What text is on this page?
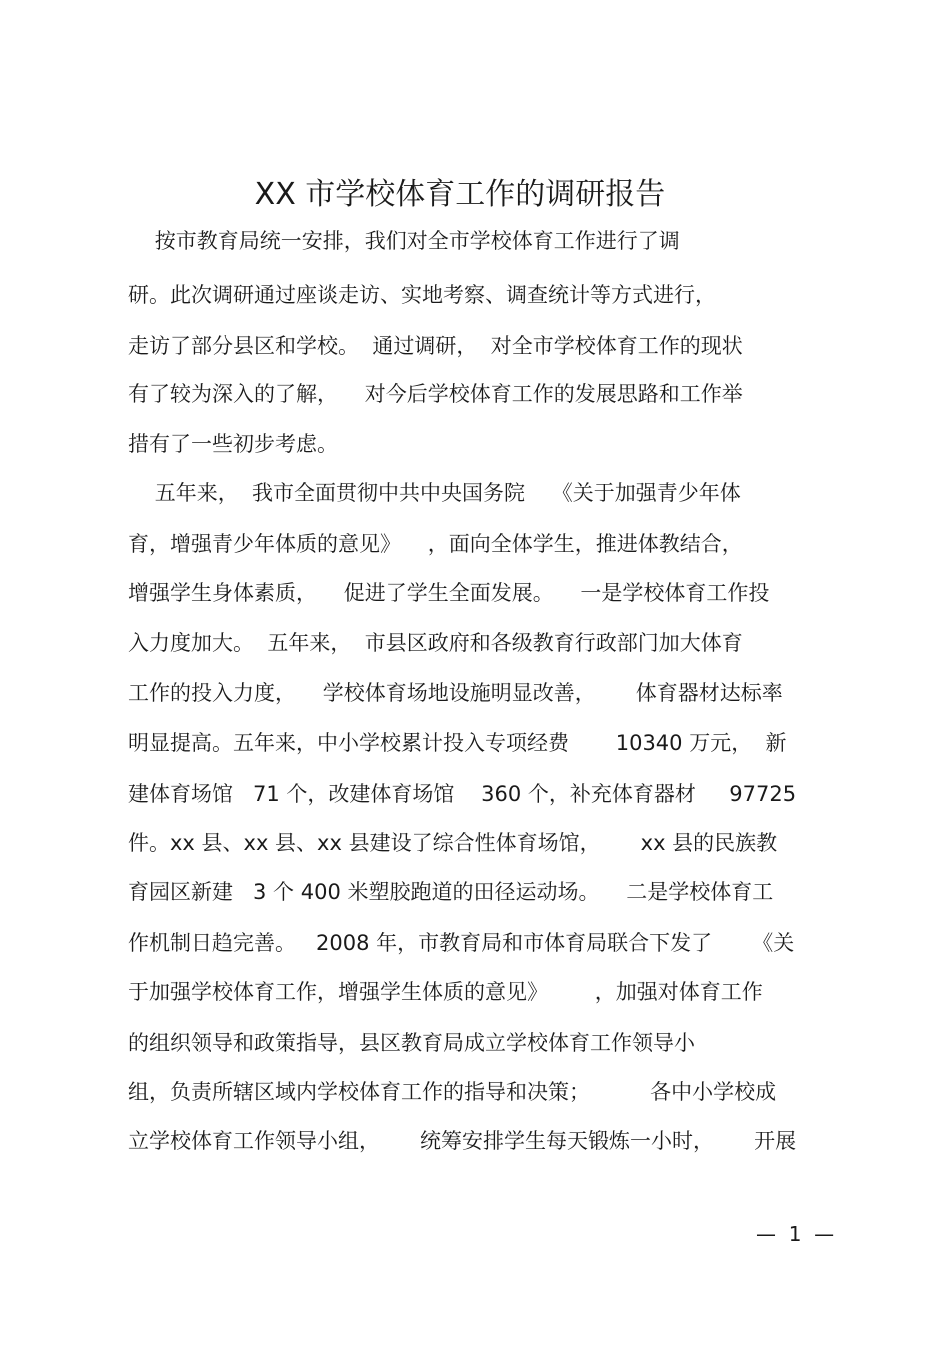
XX 市学校体育工作的调研报告
按市教育局统一安排，我们对全市学校体育工作进行了调
研。此次调研通过座谈走访、实地考察、调查统计等方式进行，
走访了部分县区和学校。  通过调研，  对全市学校体育工作的现状
有了较为深入的了解，    对今后学校体育工作的发展思路和工作举
措有了一些初步考虑。
五年来，  我市全面贯彻中共中央国务院    《关于加强青少年体
育，增强青少年体质的意见》    ，面向全体学生，推进体教结合，
增强学生身体素质，    促进了学生全面发展。    一是学校体育工作投
入力度加大。  五年来，  市县区政府和各级教育行政部门加大体育
工作的投入力度，    学校体育场地设施明显改善，      体育器材达标率
明显提高。五年来，中小学校累计投入专项经费       10340 万元，  新
建体育场馆   71 个，改建体育场馆    360 个，补充体育器材     97725
件。xx 县、xx 县、xx 县建设了综合性体育场馆，      xx 县的民族教
育园区新建   3 个 400 米塑胶跑道的田径运动场。    二是学校体育工
作机制日趋完善。   2008 年，市教育局和市体育局联合下发了      《关
于加强学校体育工作，增强学生体质的意见》       ，加强对体育工作
的组织领导和政策指导，县区教育局成立学校体育工作领导小
组，负责所辖区域内学校体育工作的指导和决策；         各中小学校成
立学校体育工作领导小组，      统筹安排学生每天锻炼一小时，      开展
—  1  —
